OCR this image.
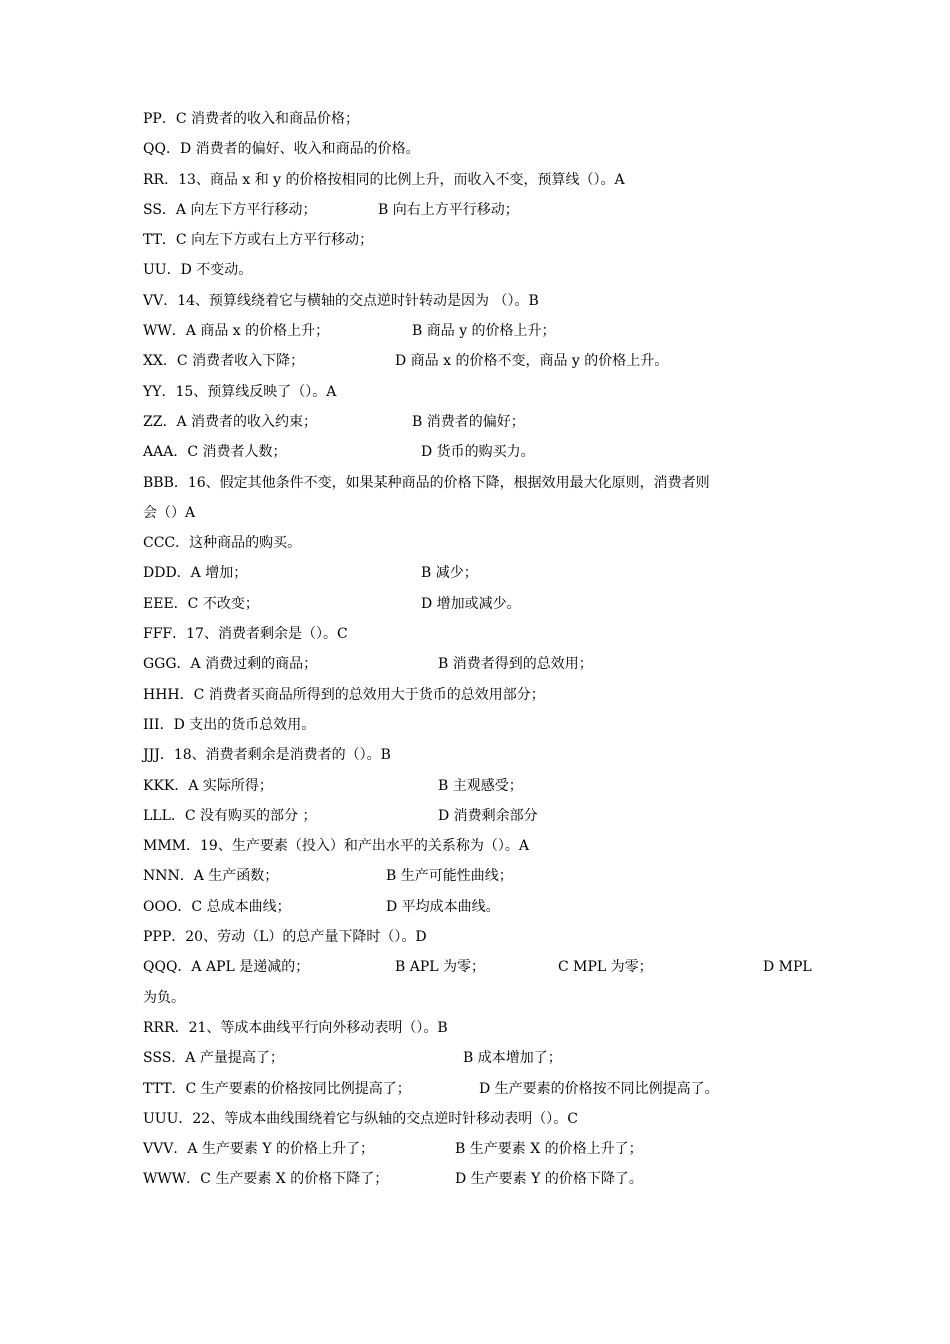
PP．C 消费者的收入和商品价格；
QQ．D 消费者的偏好、收入和商品的价格。
RR．13、商品 x 和 y 的价格按相同的比例上升，而收入不变，预算线（）。A
SS．A 向左下方平行移动；	B 向右上方平行移动；
TT．C 向左下方或右上方平行移动；
UU．D 不变动。
VV．14、预算线绕着它与横轴的交点逆时针转动是因为 （）。B
WW．A 商品 x 的价格上升；	B 商品 y 的价格上升；
XX．C 消费者收入下降；	D 商品 x 的价格不变，商品 y 的价格上升。
YY．15、预算线反映了（）。A
ZZ．A 消费者的收入约束；	B 消费者的偏好；
AAA．C 消费者人数；	D 货币的购买力。
BBB．16、假定其他条件不变，如果某种商品的价格下降，根据效用最大化原则，消费者则
会（）A
CCC．这种商品的购买。
DDD．A 增加；	B 减少；
EEE．C 不改变；	D 增加或减少。
FFF．17、消费者剩余是（）。C
GGG．A 消费过剩的商品；	B 消费者得到的总效用；
HHH．C 消费者买商品所得到的总效用大于货币的总效用部分；
III．D 支出的货币总效用。
JJJ．18、消费者剩余是消费者的（）。B
KKK．A 实际所得；	B 主观感受；
LLL．C 没有购买的部分 ；	D 消费剩余部分
MMM．19、生产要素（投入）和产出水平的关系称为（）。A
NNN．A 生产函数；	B 生产可能性曲线；
OOO．C 总成本曲线；	D 平均成本曲线。
PPP．20、劳动（L）的总产量下降时（）。D
QQQ．A APL 是递减的；	B APL 为零；	C MPL 为零；	D MPL
为负。
RRR．21、等成本曲线平行向外移动表明（）。B
SSS．A 产量提高了；	B 成本增加了；
TTT．C 生产要素的价格按同比例提高了；	D 生产要素的价格按不同比例提高了。
UUU．22、等成本曲线围绕着它与纵轴的交点逆时针移动表明（）。C
VVV．A 生产要素 Y 的价格上升了；	B 生产要素 X 的价格上升了；
WWW．C 生产要素 X 的价格下降了；	D 生产要素 Y 的价格下降了。
